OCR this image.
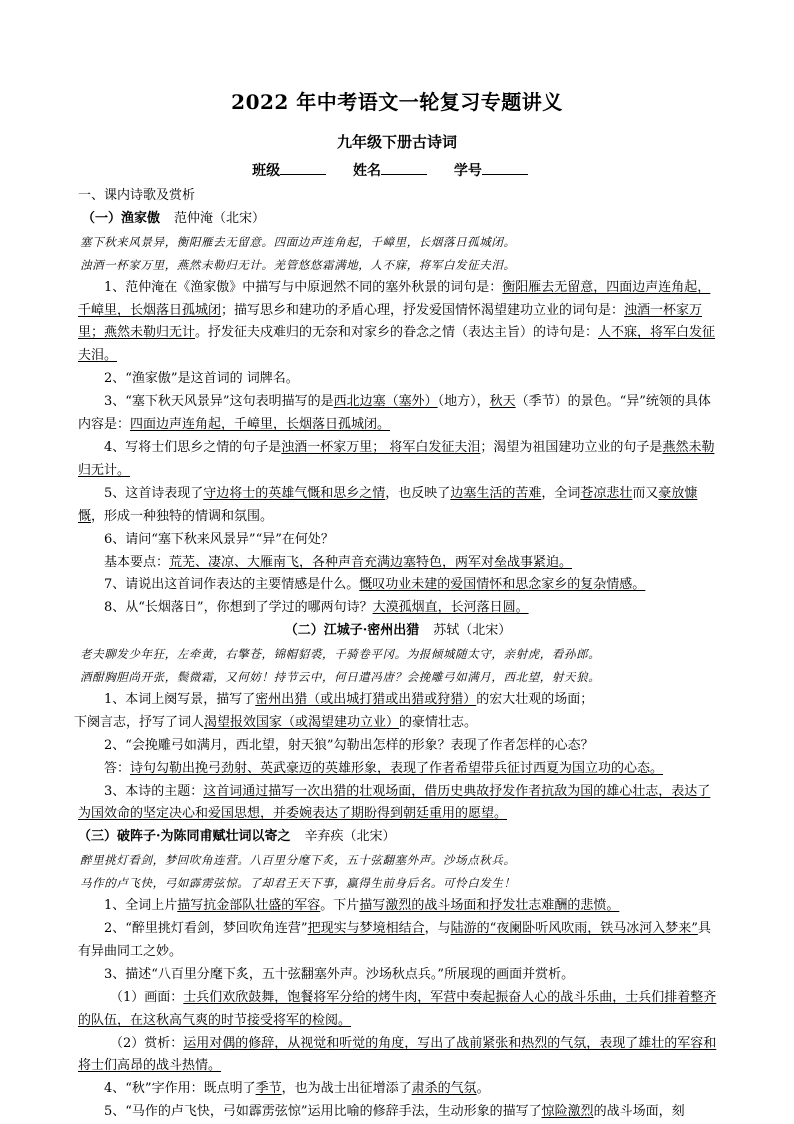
2022 年中考语文一轮复习专题讲义
九年级下册古诗词
班级	姓名	学号

一、课内诗歌及赏析

（一）渔家傲 范仲淹（北宋）

塞下秋来风景异，衡阳雁去无留意。四面边声连角起，千嶂里，长烟落日孤城闭。

浊酒一杯家万里，燕然未勒归无计。羌管悠悠霜满地，人不寐，将军白发征夫泪。

1、范仲淹在《渔家傲》中描写与中原迥然不同的塞外秋景的词句是：衡阳雁去无留意，四面边声连角起，千嶂里，长烟落日孤城闭；描写思乡和建功的矛盾心理，抒发爱国情怀渴望建功立业的词句是：浊酒一杯家万里；燕然未勒归无计。抒发征夫戍难归的无奈和对家乡的眷念之情（表达主旨）的诗句是：人不寐，将军白发征夫泪。

2、“渔家傲”是这首词的 词牌名。

3、“塞下秋天风景异”这句表明描写的是西北边塞（塞外）（地方），秋天（季节）的景色。“异”统领的具体内容是：四面边声连角起，千嶂里，长烟落日孤城闭。

4、写将士们思乡之情的句子是浊酒一杯家万里； 将军白发征夫泪；渴望为祖国建功立业的句子是燕然未勒归无计。

5、这首诗表现了守边将士的英雄气慨和思乡之情，也反映了边塞生活的苦难，全词苍凉悲壮而又豪放慷慨，形成一种独特的情调和氛围。

6、请问“塞下秋来风景异”“异”在何处？

基本要点：荒芜、凄凉、大雁南飞，各种声音充满边塞特色，两军对垒战事紧迫。

7、请说出这首词作表达的主要情感是什么。慨叹功业未建的爱国情怀和思念家乡的复杂情感。

8、从“长烟落日”，你想到了学过的哪两句诗？大漠孤烟直，长河落日圆。

（二）江城子·密州出猎 苏轼（北宋）

老夫聊发少年狂，左牵黄，右擎苍，锦帽貂裘，千骑卷平冈。为报倾城随太守，亲射虎，看孙郎。

酒酣胸胆尚开张，鬓微霜，又何妨！持节云中，何日遣冯唐？会挽雕弓如满月，西北望，射天狼。

1、本词上阕写景，描写了密州出猎（或出城打猎或出猎或狩猎）的宏大壮观的场面；

下阕言志，抒写了词人渴望报效国家（或渴望建功立业）的豪情壮志。

2、“会挽雕弓如满月，西北望，射天狼”勾勒出怎样的形象？表现了作者怎样的心态？

答：诗句勾勒出挽弓劲射、英武豪迈的英雄形象，表现了作者希望带兵征讨西夏为国立功的心态。

3、本诗的主题：这首词通过描写一次出猎的壮观场面，借历史典故抒发作者抗敌为国的雄心壮志，表达了为国效命的坚定决心和爱国思想，并委婉表达了期盼得到朝廷重用的愿望。

（三）破阵子·为陈同甫赋壮词以寄之 辛弃疾（北宋）

醉里挑灯看剑，梦回吹角连营。八百里分麾下炙，五十弦翻塞外声。沙场点秋兵。

马作的卢飞快，弓如霹雳弦惊。了却君王天下事，赢得生前身后名。可怜白发生！

1、全词上片描写抗金部队壮盛的军容。下片描写激烈的战斗场面和抒发壮志难酬的悲愤。

2、“醉里挑灯看剑，梦回吹角连营”把现实与梦境相结合，与陆游的“夜阑卧听风吹雨，铁马冰河入梦来”具有异曲同工之妙。

3、描述“八百里分麾下炙，五十弦翻塞外声。沙场秋点兵。”所展现的画面并赏析。

（1）画面：士兵们欢欣鼓舞，饱餐将军分给的烤牛肉，军营中奏起振奋人心的战斗乐曲，士兵们排着整齐的队伍，在这秋高气爽的时节接受将军的检阅。

（2）赏析：运用对偶的修辞，从视觉和听觉的角度，写出了战前紧张和热烈的气氛，表现了雄壮的军容和将士们高昂的战斗热情。

4、“秋”字作用：既点明了季节，也为战士出征增添了肃杀的气氛。

5、“马作的卢飞快，弓如霹雳弦惊”运用比喻的修辞手法，生动形象的描写了惊险激烈的战斗场面，刻
